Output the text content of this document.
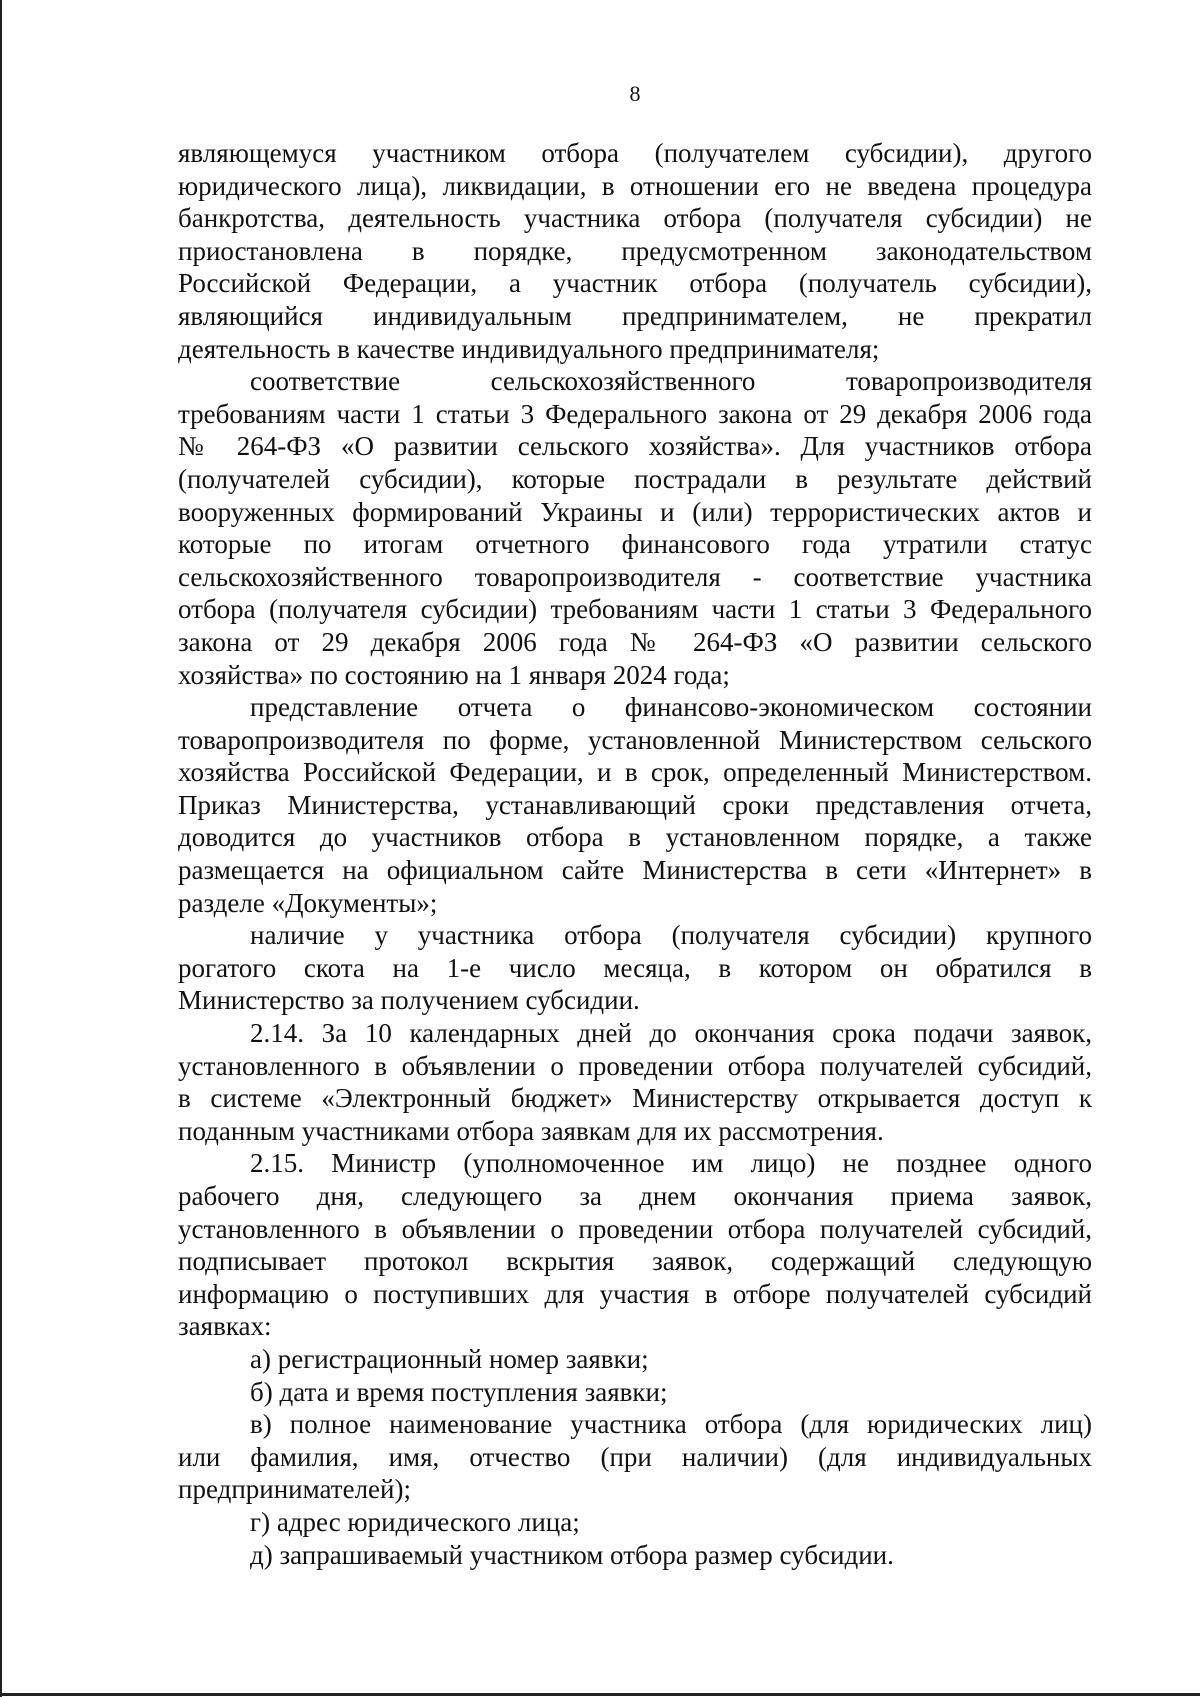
8

являющемуся участником отбора (получателем субсидии), другого

юридического лица), ликвидации, в отношении его не введена процедура

банкротства, деятельность участника отбора (получателя субсидии) не

приостановлена в порядке, предусмотренном законодательством

Российской Федерации, а участник отбора (получатель субсидии),

являющийся индивидуальным предпринимателем, не прекратил

деятельность в качестве индивидуального предпринимателя;

соответствие сельскохозяйственного товаропроизводителя

требованиям части 1 статьи 3 Федерального закона от 29 декабря 2006 года

№ 264-ФЗ «О развитии сельского хозяйства». Для участников отбора

(получателей субсидии), которые пострадали в результате действий

вооруженных формирований Украины и (или) террористических актов и

которые по итогам отчетного финансового года утратили статус

сельскохозяйственного товаропроизводителя - соответствие участника

отбора (получателя субсидии) требованиям части 1 статьи 3 Федерального

закона от 29 декабря 2006 года № 264-ФЗ «О развитии сельского

хозяйства» по состоянию на 1 января 2024 года;

представление отчета о финансово-экономическом состоянии

товаропроизводителя по форме, установленной Министерством сельского

хозяйства Российской Федерации, и в срок, определенный Министерством.

Приказ Министерства, устанавливающий сроки представления отчета,

доводится до участников отбора в установленном порядке, а также

размещается на официальном сайте Министерства в сети «Интернет» в

разделе «Документы»;

наличие у участника отбора (получателя субсидии) крупного

рогатого скота на 1-е число месяца, в котором он обратился в

Министерство за получением субсидии.

2.14. За 10 календарных дней до окончания срока подачи заявок,

установленного в объявлении о проведении отбора получателей субсидий,

в системе «Электронный бюджет» Министерству открывается доступ к

поданным участниками отбора заявкам для их рассмотрения.

2.15. Министр (уполномоченное им лицо) не позднее одного

рабочего дня, следующего за днем окончания приема заявок,

установленного в объявлении о проведении отбора получателей субсидий,

подписывает протокол вскрытия заявок, содержащий следующую

информацию о поступивших для участия в отборе получателей субсидий

заявках:

а) регистрационный номер заявки;

б) дата и время поступления заявки;

в) полное наименование участника отбора (для юридических лиц)

или фамилия, имя, отчество (при наличии) (для индивидуальных

предпринимателей);

г) адрес юридического лица;

д) запрашиваемый участником отбора размер субсидии.
